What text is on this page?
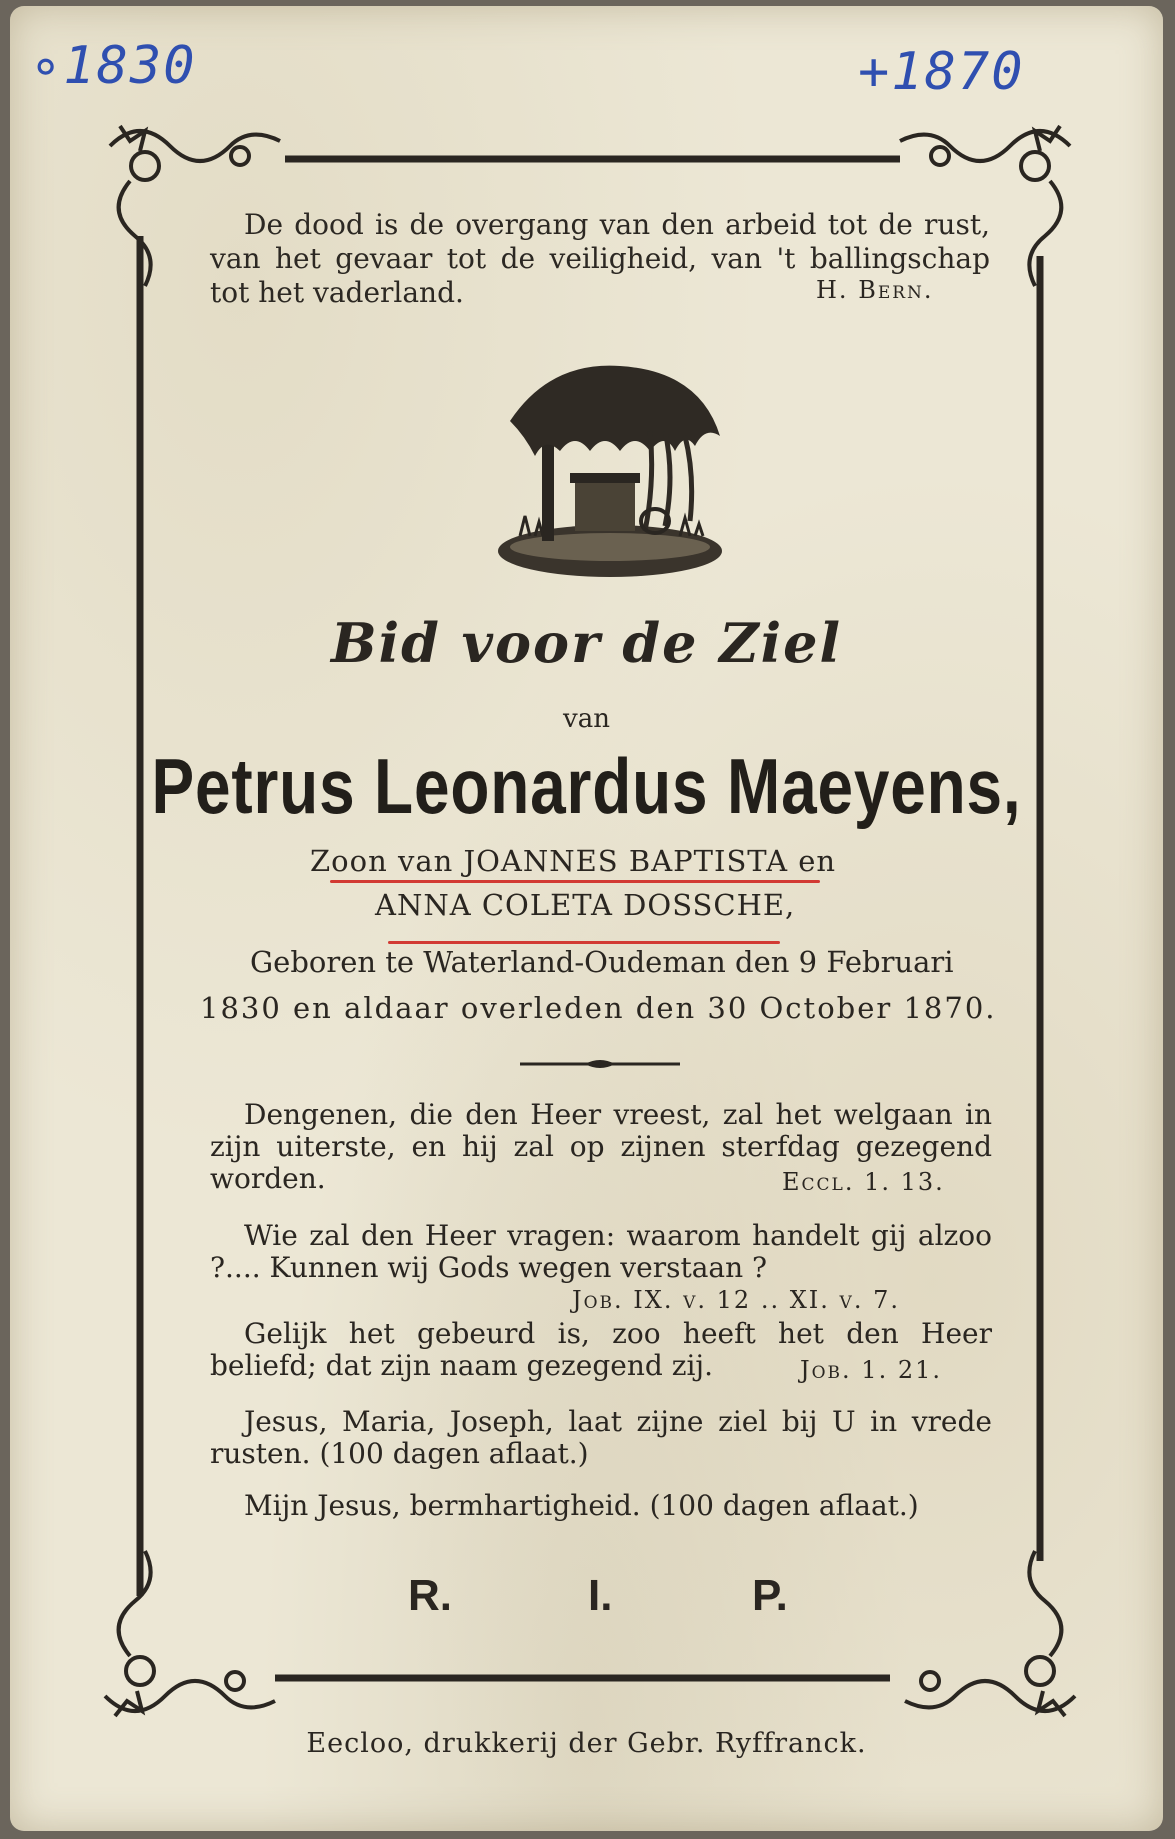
∘1830	+1870
De dood is de overgang van den arbeid tot de rust, van het gevaar tot de veiligheid, van 't ballingschap tot het vaderland.	H. Bern.
Bid voor de Ziel
van
Petrus Leonardus Maeyens,
Zoon van JOANNES BAPTISTA en
ANNA COLETA DOSSCHE,
Geboren te Waterland-Oudeman den 9 Februari
1830 en aldaar overleden den 30 October 1870.
Dengenen, die den Heer vreest, zal het welgaan in zijn uiterste, en hij zal op zijnen sterfdag gezegend worden.	Eccl. 1. 13.
Wie zal den Heer vragen: waarom handelt gij alzoo ?.... Kunnen wij Gods wegen verstaan ?
Job. IX. v. 12 .. XI. v. 7.
Gelijk het gebeurd is, zoo heeft het den Heer beliefd; dat zijn naam gezegend zij.	Job. 1. 21.
Jesus, Maria, Joseph, laat zijne ziel bij U in vrede rusten. (100 dagen aflaat.)
Mijn Jesus, bermhartigheid. (100 dagen aflaat.)
R.	I.	P.
Eecloo, drukkerij der Gebr. Ryffranck.
